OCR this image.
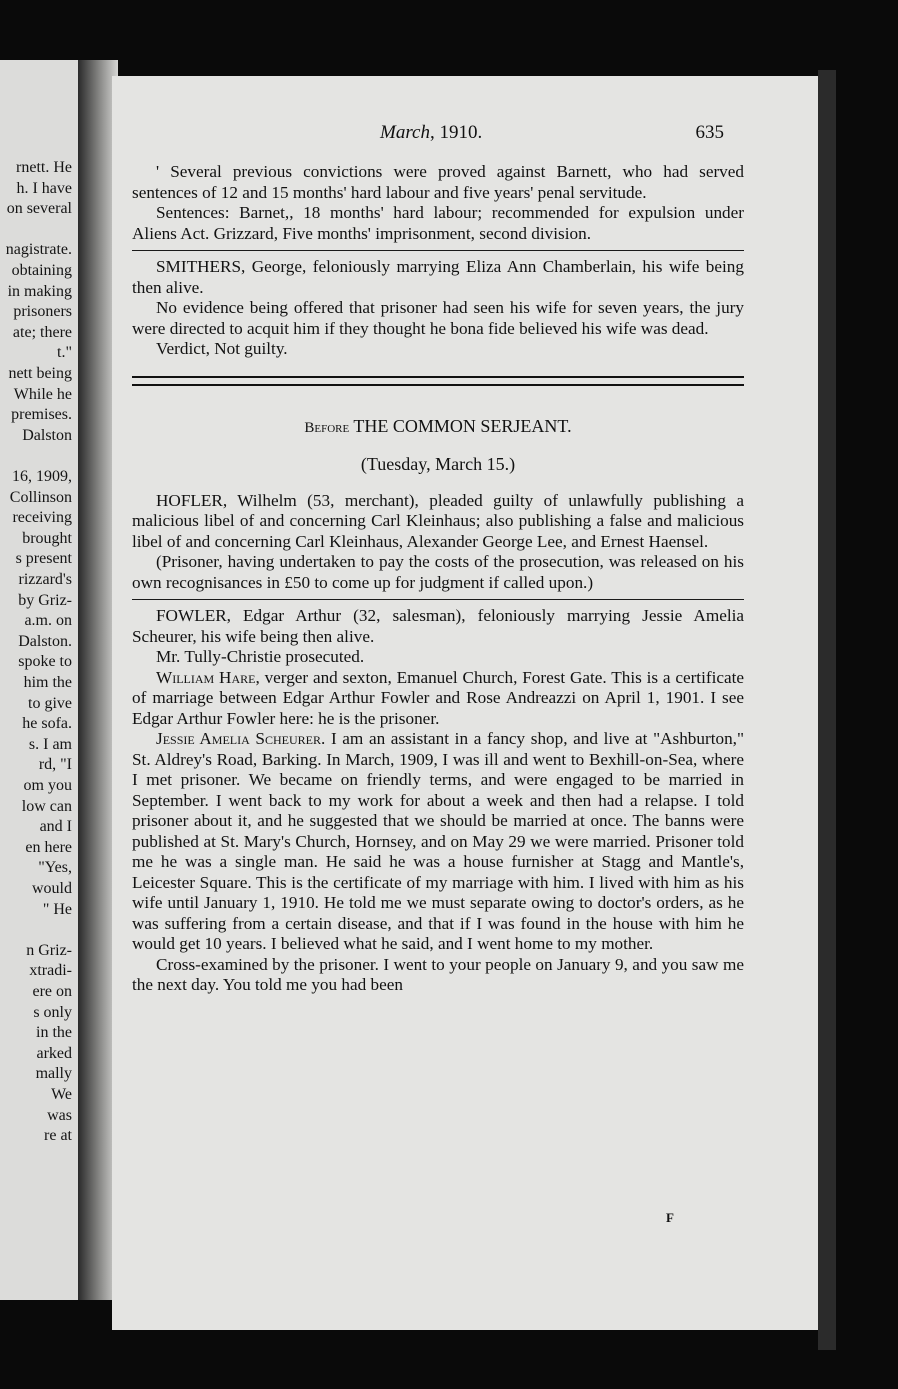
rnett. He
h. I have
on several
nagistrate.
obtaining
in making
prisoners
ate; there
t."
nett being
While he
premises.
Dalston
16, 1909,
Collinson
receiving
brought
s present
rizzard's
by Griz-
a.m. on
Dalston.
spoke to
him the
to give
he sofa.
s. I am
rd, "I
om you
low can
and I
en here
"Yes,
would
" He
n Griz-
xtradi-
ere on
s only
in the
arked
mally
We
was
re at
March, 1910.	635

' Several previous convictions were proved against Barnett, who had served sentences of 12 and 15 months' hard labour and five years' penal servitude.

Sentences: Barnet,, 18 months' hard labour; recommended for expulsion under Aliens Act. Grizzard, Five months' imprisonment, second division.

SMITHERS, George, feloniously marrying Eliza Ann Chamberlain, his wife being then alive.

No evidence being offered that prisoner had seen his wife for seven years, the jury were directed to acquit him if they thought he bona fide believed his wife was dead.

Verdict, Not guilty.

Before THE COMMON SERJEANT.

(Tuesday, March 15.)

HOFLER, Wilhelm (53, merchant), pleaded guilty of unlawfully publishing a malicious libel of and concerning Carl Kleinhaus; also publishing a false and malicious libel of and concerning Carl Kleinhaus, Alexander George Lee, and Ernest Haensel.

(Prisoner, having undertaken to pay the costs of the prosecution, was released on his own recognisances in £50 to come up for judgment if called upon.)

FOWLER, Edgar Arthur (32, salesman), feloniously marrying Jessie Amelia Scheurer, his wife being then alive.

Mr. Tully-Christie prosecuted.

William Hare, verger and sexton, Emanuel Church, Forest Gate. This is a certificate of marriage between Edgar Arthur Fowler and Rose Andreazzi on April 1, 1901. I see Edgar Arthur Fowler here: he is the prisoner.

Jessie Amelia Scheurer. I am an assistant in a fancy shop, and live at "Ashburton," St. Aldrey's Road, Barking. In March, 1909, I was ill and went to Bexhill-on-Sea, where I met prisoner. We became on friendly terms, and were engaged to be married in September. I went back to my work for about a week and then had a relapse. I told prisoner about it, and he suggested that we should be married at once. The banns were published at St. Mary's Church, Hornsey, and on May 29 we were married. Prisoner told me he was a single man. He said he was a house furnisher at Stagg and Mantle's, Leicester Square. This is the certificate of my marriage with him. I lived with him as his wife until January 1, 1910. He told me we must separate owing to doctor's orders, as he was suffering from a certain disease, and that if I was found in the house with him he would get 10 years. I believed what he said, and I went home to my mother.

Cross-examined by the prisoner. I went to your people on January 9, and you saw me the next day. You told me you had been

F
